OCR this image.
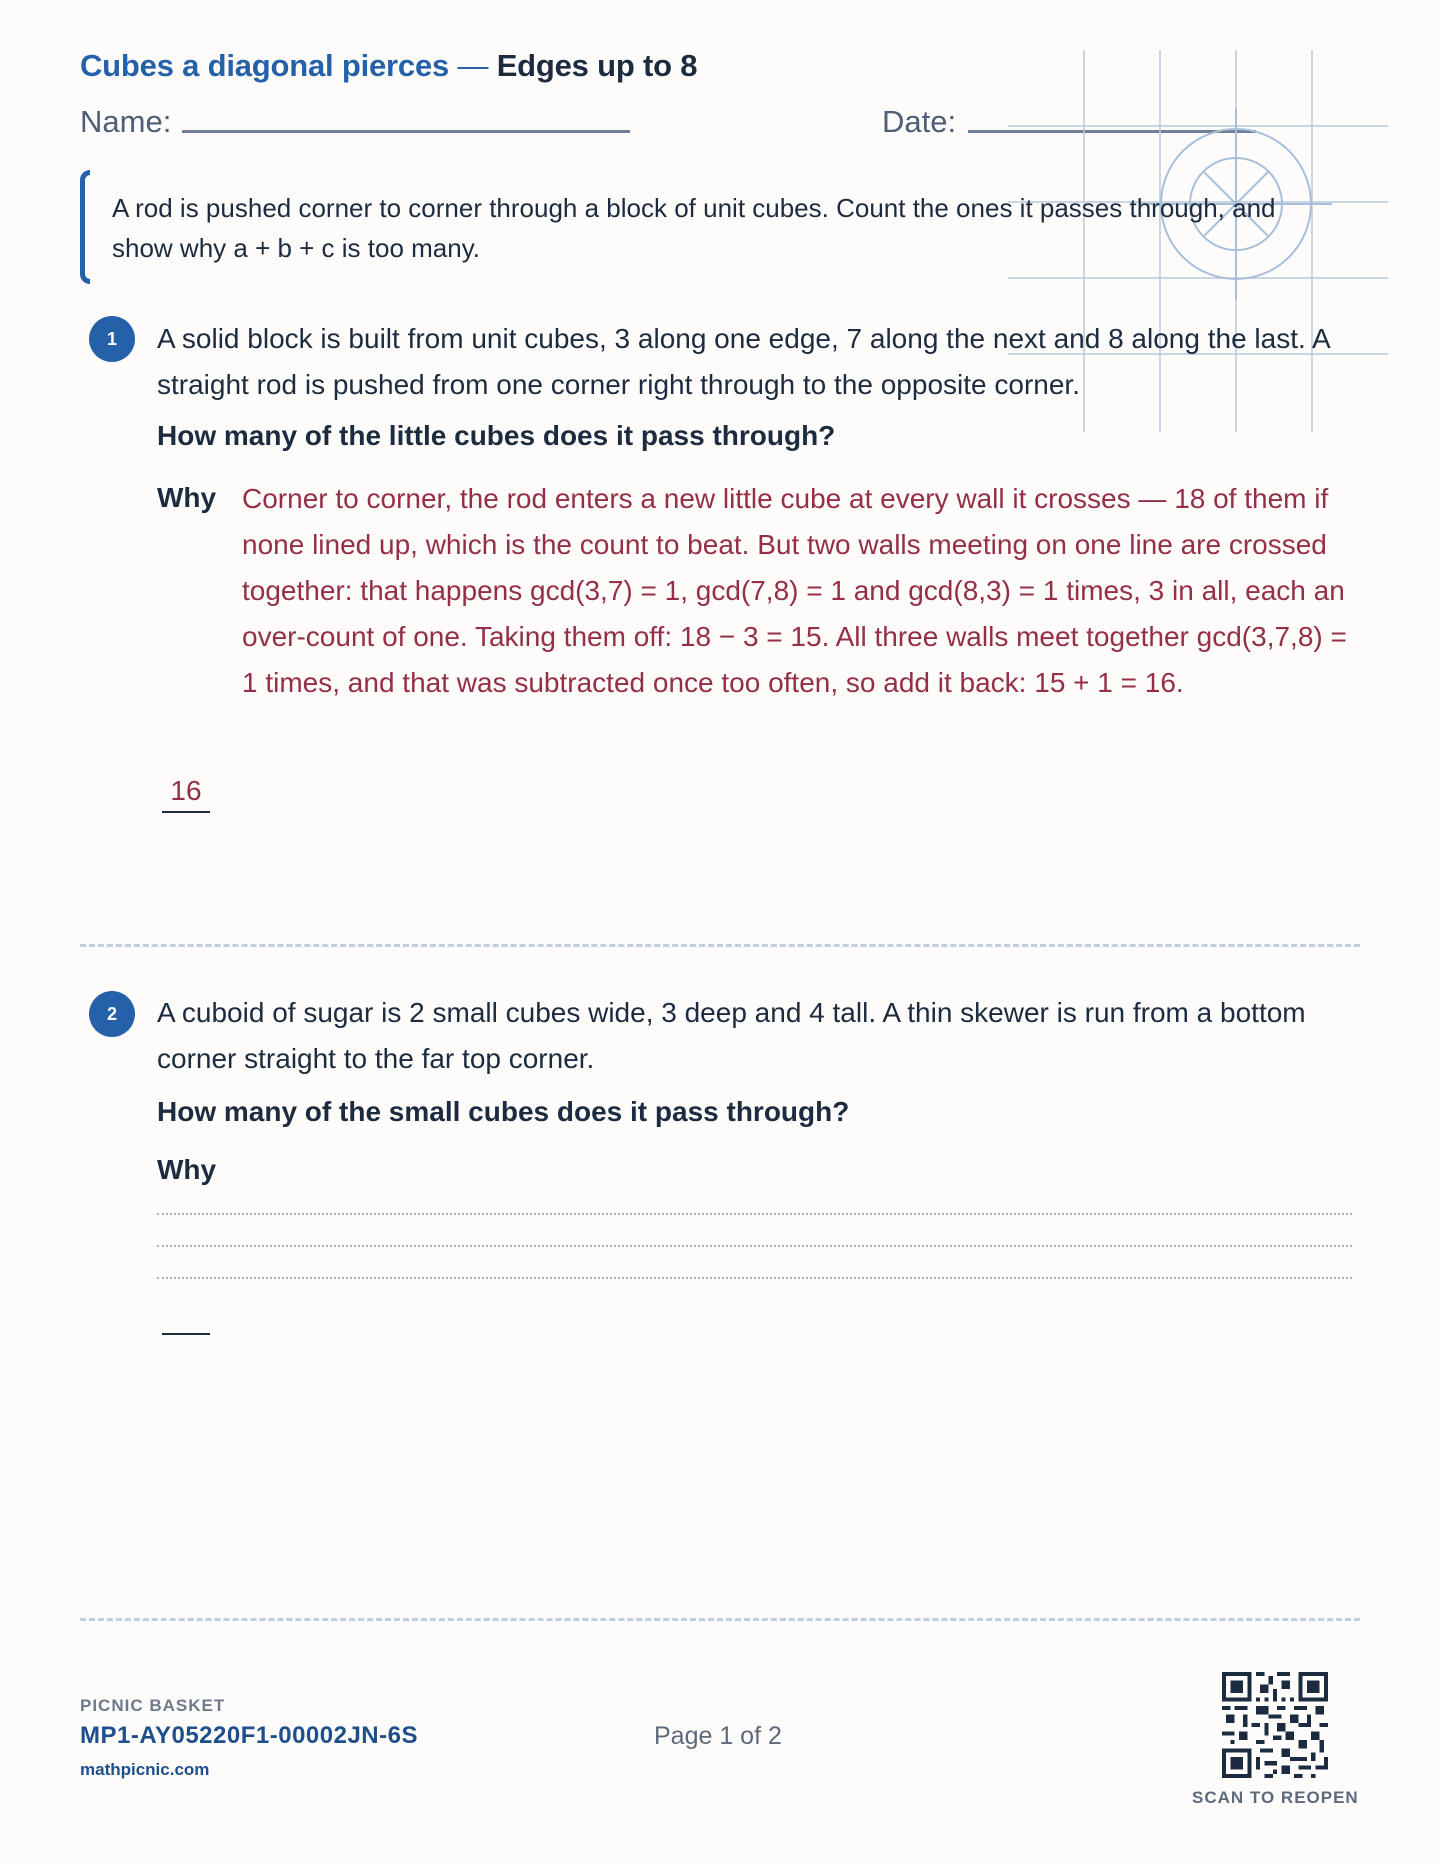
Cubes a diagonal pierces — Edges up to 8
Name:	Date:
A rod is pushed corner to corner through a block of unit cubes. Count the ones it passes through, and show why a + b + c is too many.
1	A solid block is built from unit cubes, 3 along one edge, 7 along the next and 8 along the last. A straight rod is pushed from one corner right through to the opposite corner.
How many of the little cubes does it pass through?
Why Corner to corner, the rod enters a new little cube at every wall it crosses — 18 of them if none lined up, which is the count to beat. But two walls meeting on one line are crossed together: that happens gcd(3,7) = 1, gcd(7,8) = 1 and gcd(8,3) = 1 times, 3 in all, each an over-count of one. Taking them off: 18 − 3 = 15. All three walls meet together gcd(3,7,8) = 1 times, and that was subtracted once too often, so add it back: 15 + 1 = 16.
16
2	A cuboid of sugar is 2 small cubes wide, 3 deep and 4 tall. A thin skewer is run from a bottom corner straight to the far top corner.
How many of the small cubes does it pass through?
Why
PICNIC BASKET
MP1-AY05220F1-00002JN-6S
mathpicnic.com
Page 1 of 2
SCAN TO REOPEN
